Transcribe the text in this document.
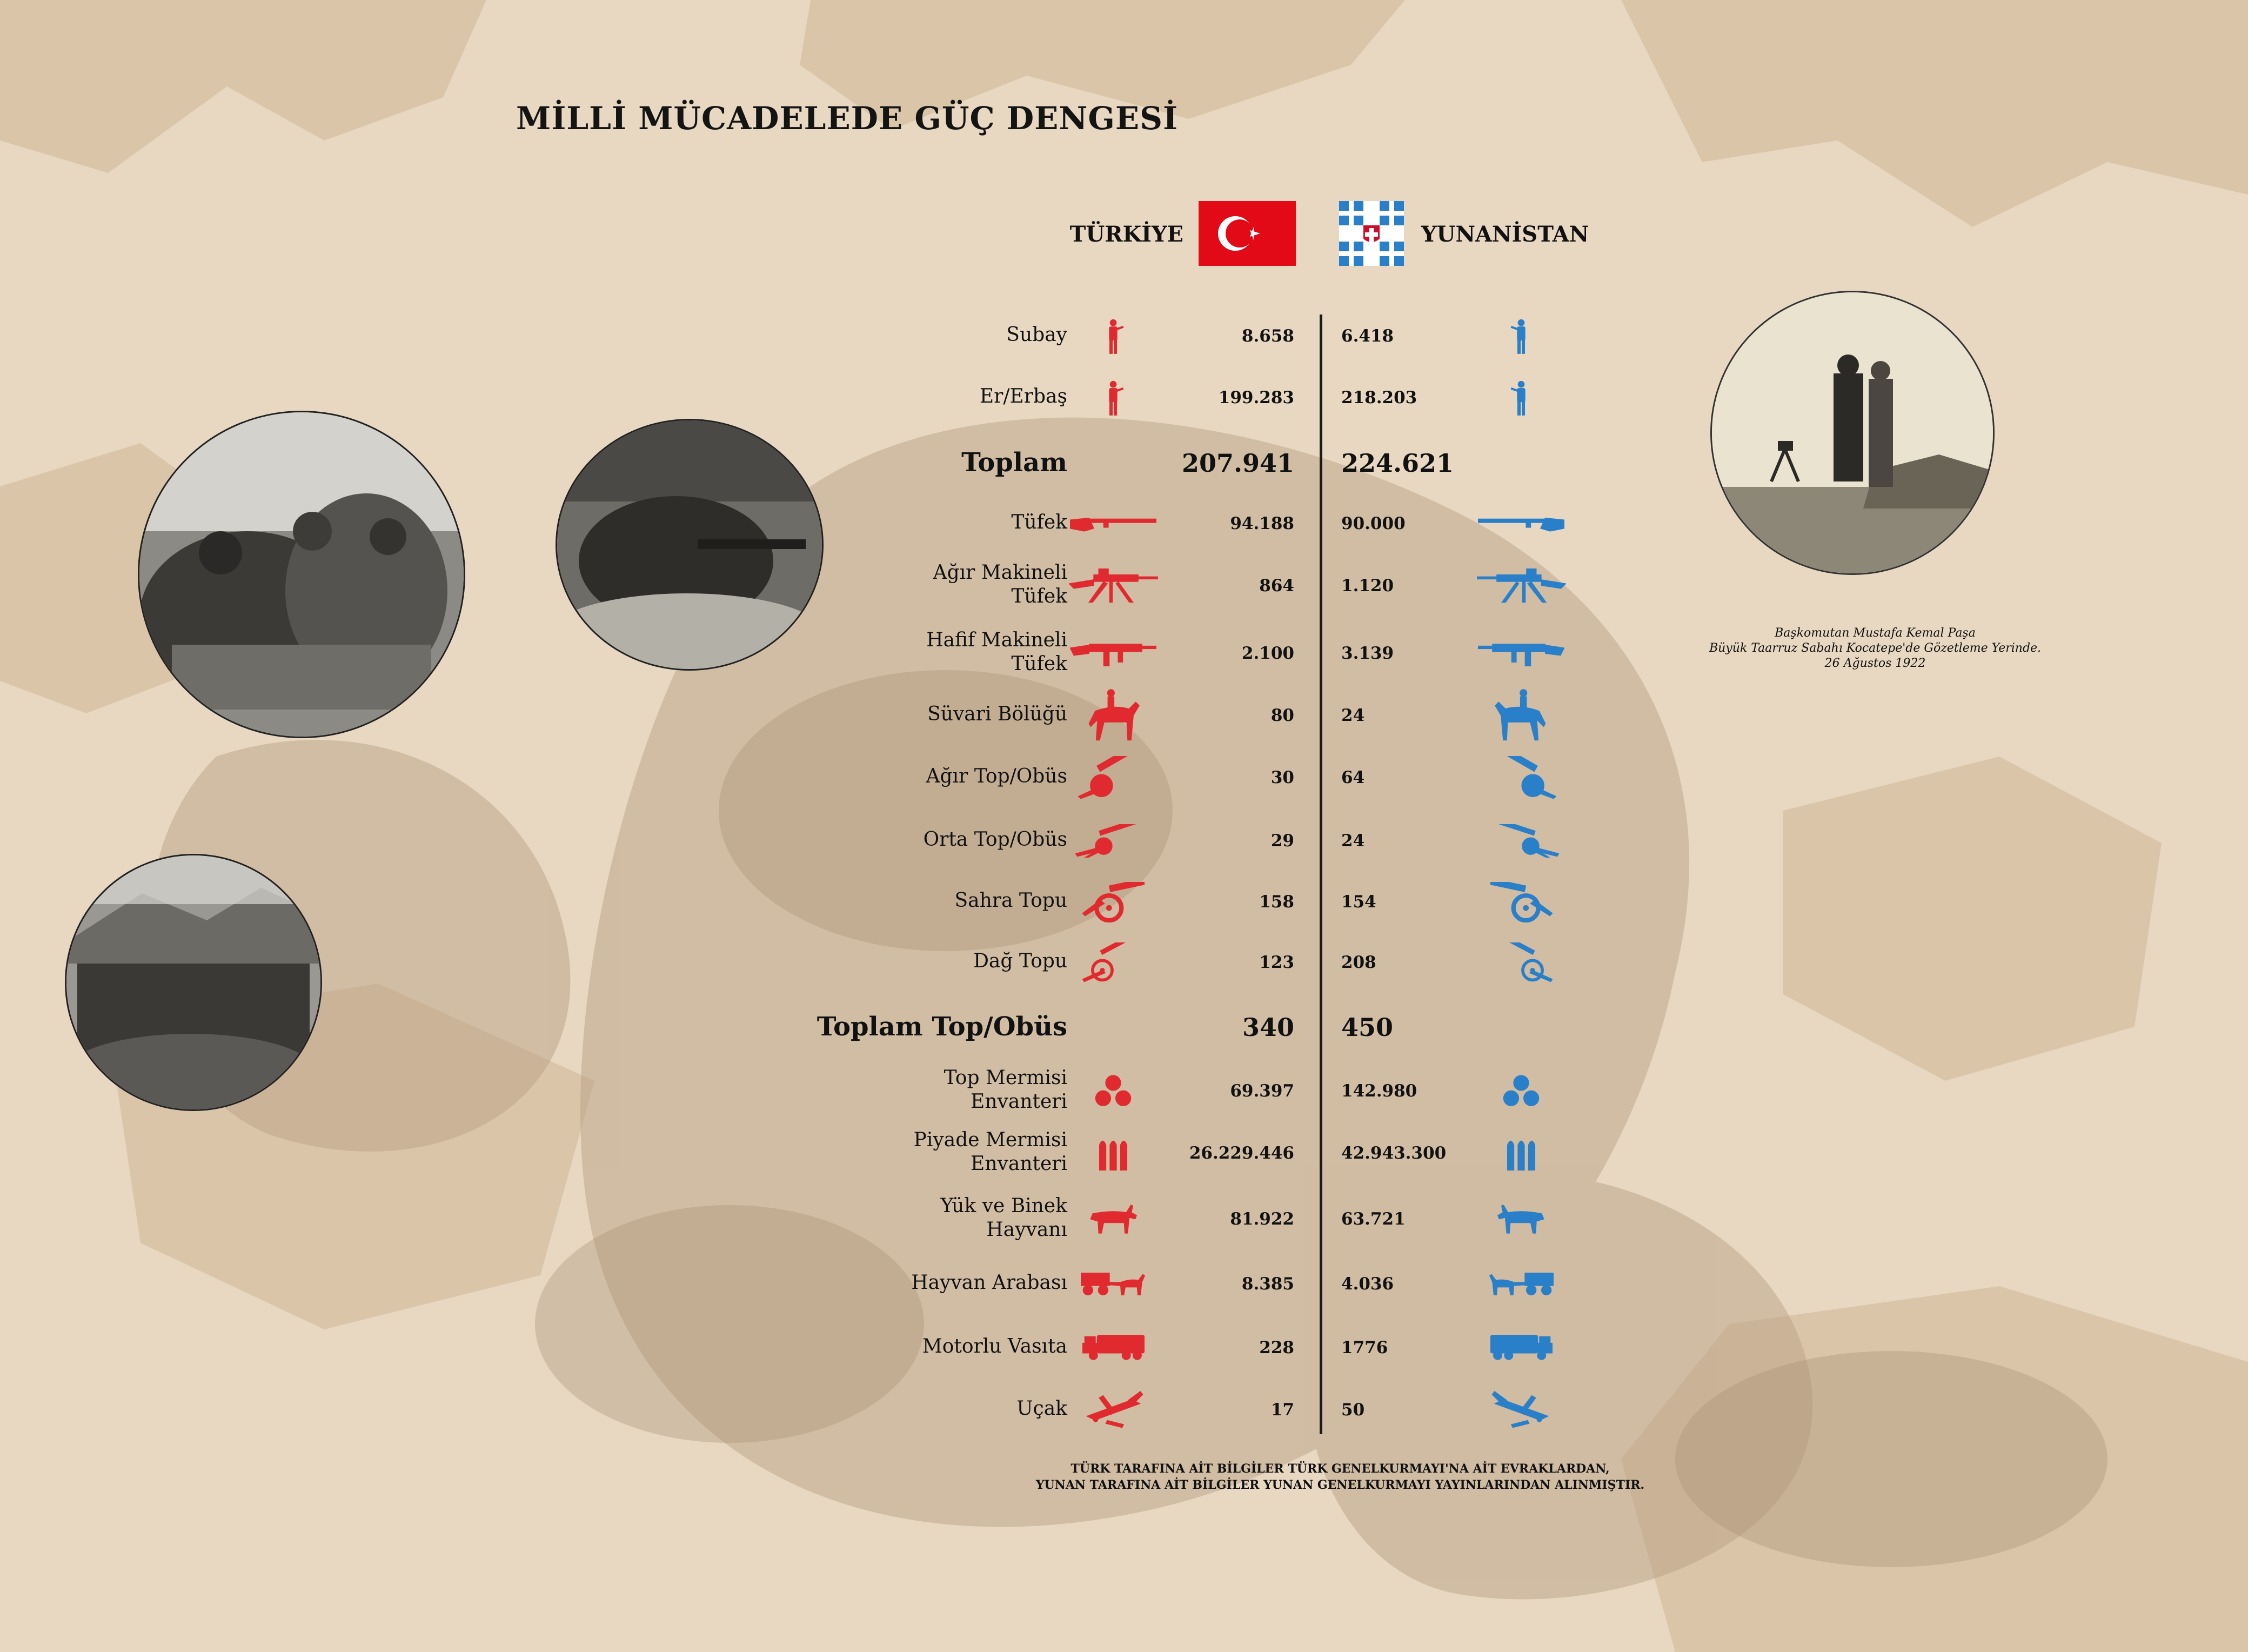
MİLLİ MÜCADELEDE GÜÇ DENGESİ
TÜRKİYE	YUNANİSTAN
Subay	8.658	6.418
Er/Erbaş	199.283	218.203
Toplam	207.941 224.621
Tüfek	94.188	90.000
Ağır Makineli Tüfek	864	1.120
Hafif Makineli Tüfek	2.100	3.139
Süvari Bölüğü	80	24
Ağır Top/Obüs	30	64
Orta Top/Obüs	29	24
Sahra Topu	158	154
Dağ Topu	123	208
Toplam Top/Obüs	340 450
Top Mermisi Envanteri	69.397	142.980
Piyade Mermisi Envanteri	26.229.446	42.943.300
Yük ve Binek Hayvanı	81.922	63.721
Hayvan Arabası	8.385	4.036
Motorlu Vasıta	228	1776
Uçak	17	50
Başkomutan Mustafa Kemal Paşa
Büyük Taarruz Sabahı Kocatepe'de Gözetleme Yerinde.
26 Ağustos 1922
TÜRK TARAFINA AİT BİLGİLER TÜRK GENELKURMAYI'NA AİT EVRAKLARDAN,
YUNAN TARAFINA AİT BİLGİLER YUNAN GENELKURMAYI YAYINLARINDAN ALINMIŞTIR.
